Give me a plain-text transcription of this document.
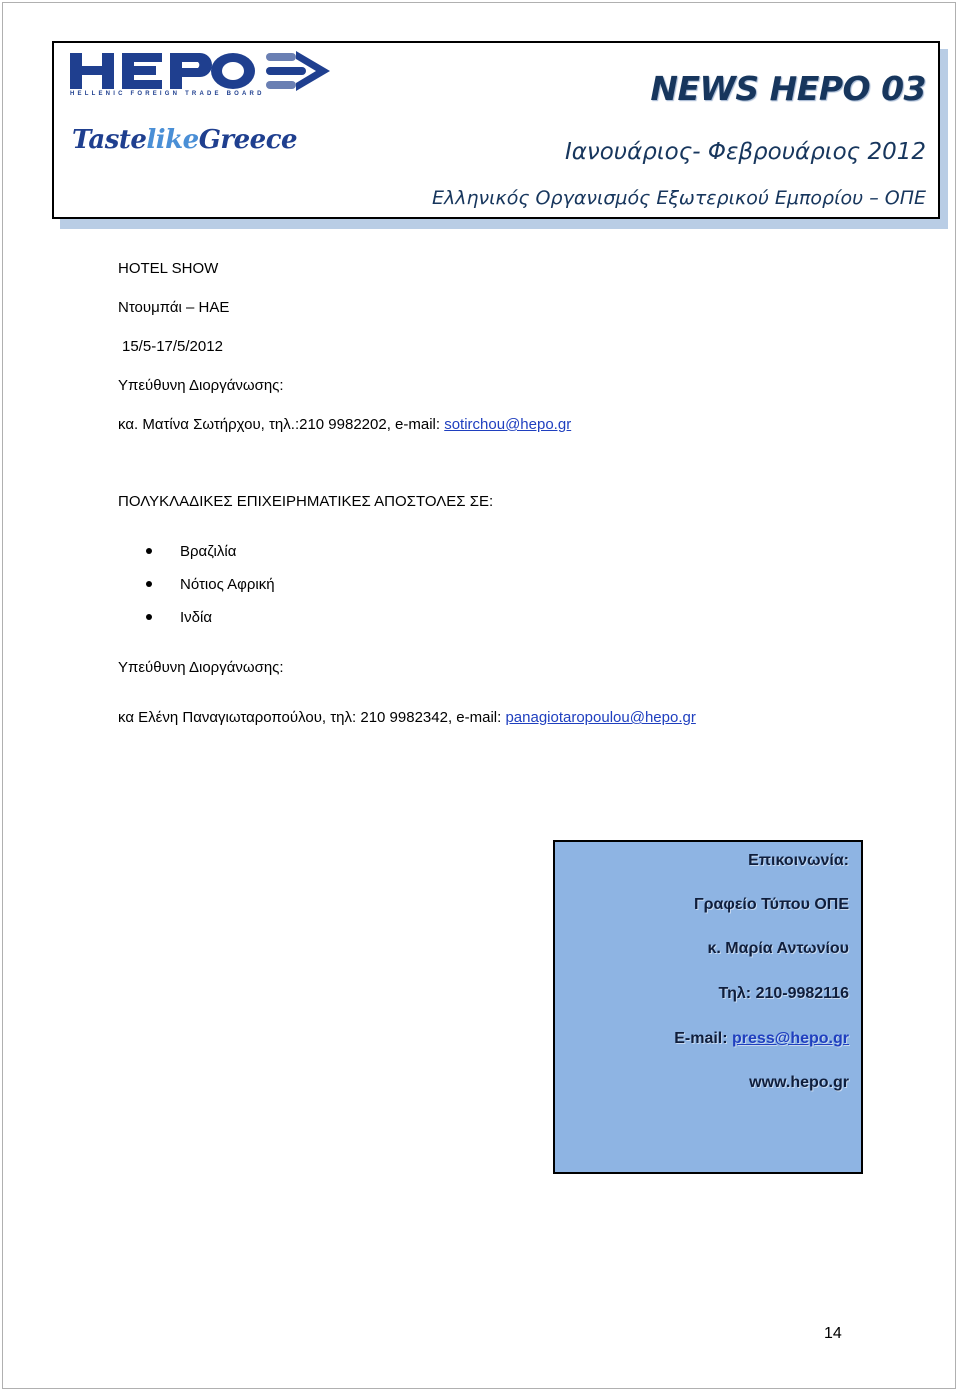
HELLENIC FOREIGN TRADE BOARD
TastelikeGreece
NEWS HEPO 03
Ιανουάριος- Φεβρουάριος 2012
Ελληνικός Οργανισμός Εξωτερικού Εμπορίου – ΟΠΕ
HOTEL SHOW
Ντουμπάι – ΗΑΕ
15/5-17/5/2012
Υπεύθυνη Διοργάνωσης:
κα. Ματίνα Σωτήρχου, τηλ.:210 9982202, e-mail: sotirchou@hepo.gr
ΠΟΛΥΚΛΑΔΙΚΕΣ ΕΠΙΧΕΙΡΗΜΑΤΙΚΕΣ ΑΠΟΣΤΟΛΕΣ ΣΕ:
Βραζιλία
Νότιος Αφρική
Ινδία
Υπεύθυνη Διοργάνωσης:
κα Ελένη Παναγιωταροπούλου, τηλ: 210 9982342, e-mail: panagiotaropoulou@hepo.gr
Επικοινωνία:
Γραφείο Τύπου ΟΠΕ
κ. Μαρία Αντωνίου
Τηλ: 210-9982116
E-mail: press@hepo.gr
www.hepo.gr
14
